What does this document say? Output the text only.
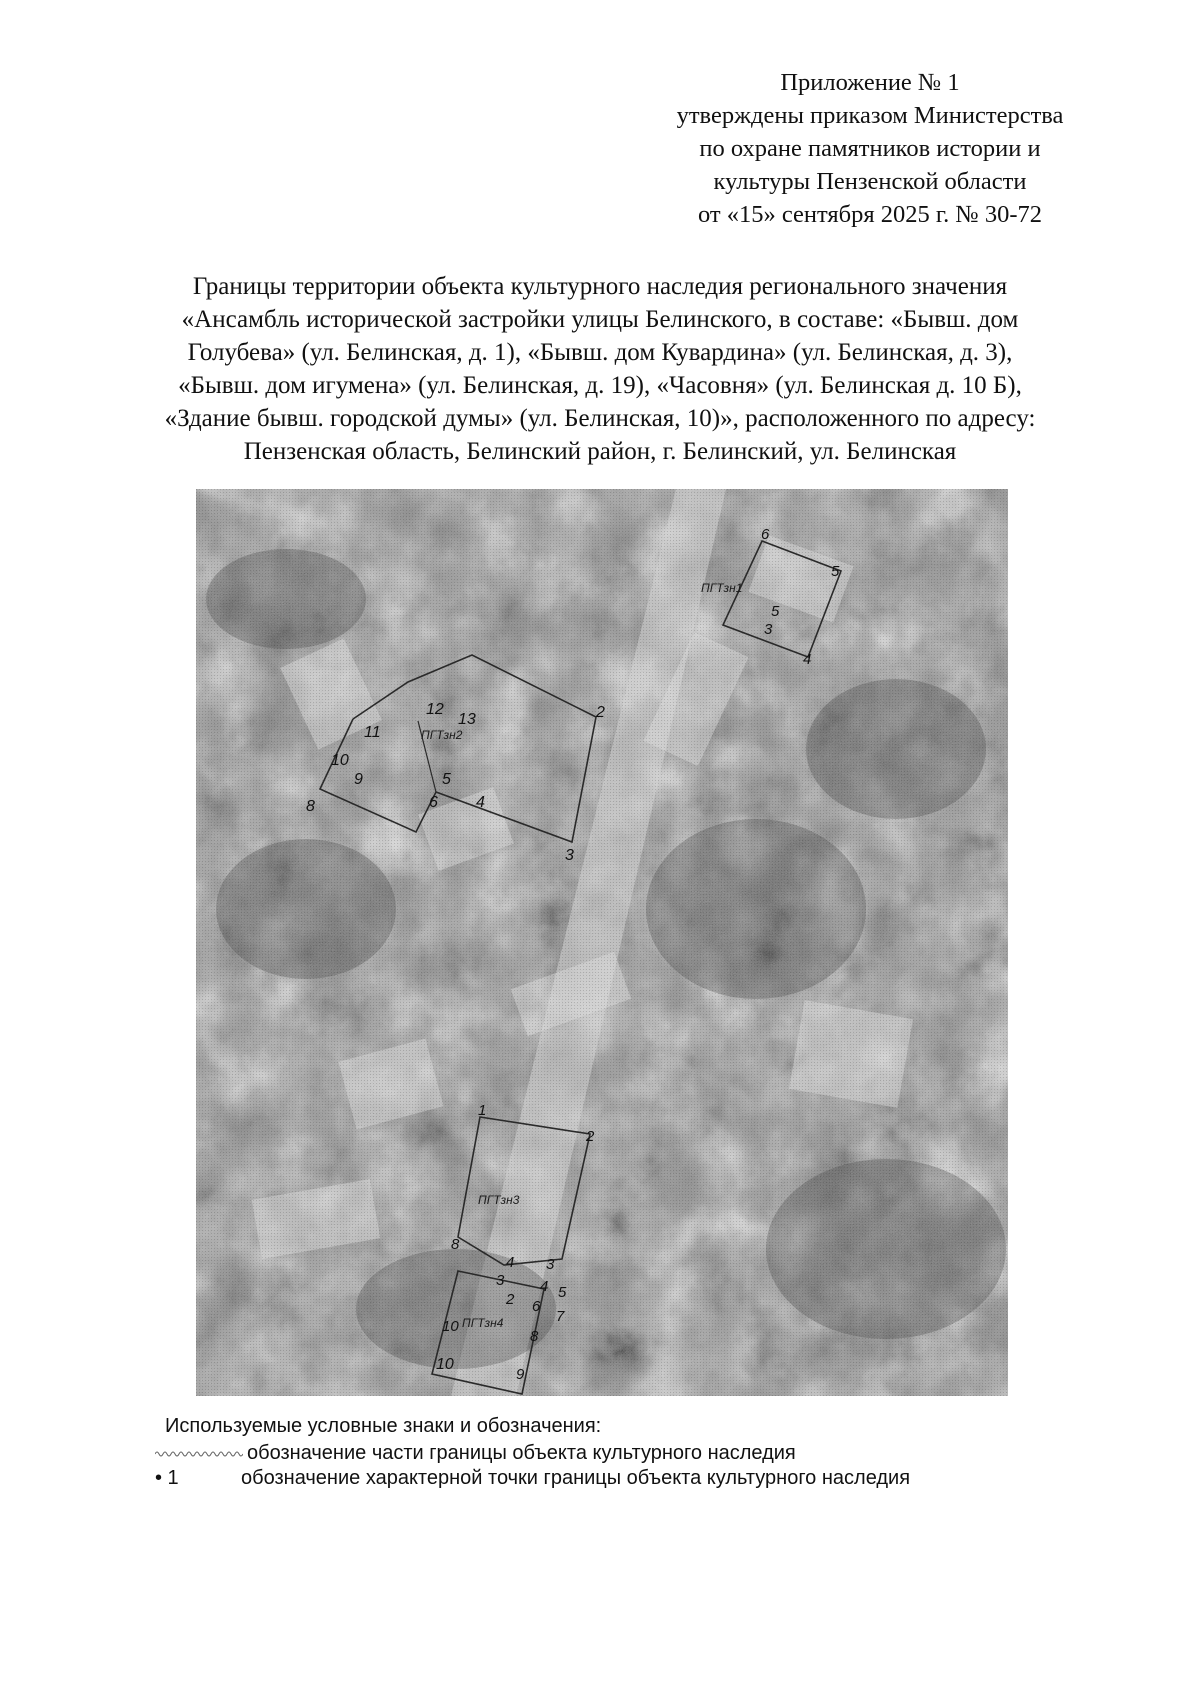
Приложение № 1
утверждены приказом Министерства
по охране памятников истории и
культуры Пензенской области
от «15» сентября 2025 г. № 30-72
Границы территории объекта культурного наследия регионального значения
«Ансамбль исторической застройки улицы Белинского, в составе: «Бывш. дом
Голубева» (ул. Белинская, д. 1), «Бывш. дом Кувардина» (ул. Белинская, д. 3),
«Бывш. дом игумена» (ул. Белинская, д. 19), «Часовня» (ул. Белинская д. 10 Б),
«Здание бывш. городской думы» (ул. Белинская, 10)», расположенного по адресу:
Пензенская область, Белинский район, г. Белинский, ул. Белинская
ПГТзн1
6
5
4
3
5
ПГТзн2
2
3
4
5
6
8
9
10
11
12
13
ПГТзн3
ПГТзн4
1
2
3
4
3 4 5
6
7
8
9
10
2
8
10
Используемые условные знаки и обозначения:
обозначение части границы объекта культурного наследия
• 1	обозначение характерной точки границы объекта культурного наследия
